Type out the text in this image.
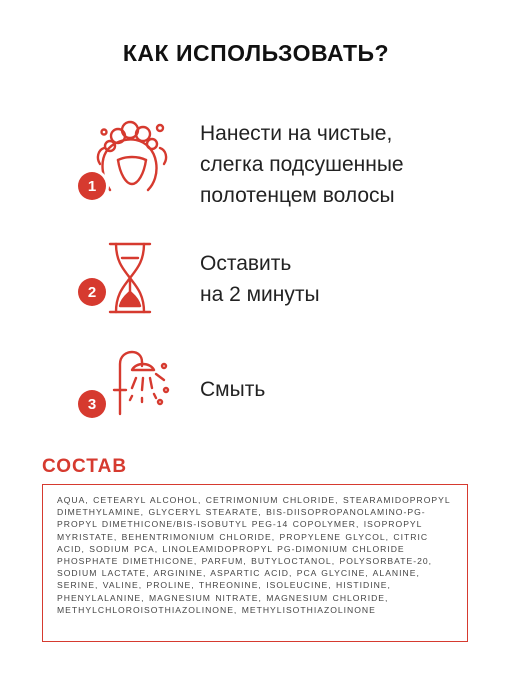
КАК ИСПОЛЬЗОВАТЬ?
1
Нанести на чистые,
слегка подсушенные
полотенцем волосы
2
Оставить
на 2 минуты
3
Смыть
СОСТАВ
AQUA, CETEARYL ALCOHOL, CETRIMONIUM CHLORIDE, STEARAMIDOPROPYL DIMETHYLAMINE, GLYCERYL STEARATE, BIS-DIISOPROPANOLAMINO-PG-PROPYL DIMETHICONE/BIS-ISOBUTYL PEG-14 COPOLYMER, ISOPROPYL MYRISTATE, BEHENTRIMONIUM CHLORIDE, PROPYLENE GLYCOL, CITRIC ACID, SODIUM PCA, LINOLEAMIDOPROPYL PG-DIMONIUM CHLORIDE PHOSPHATE DIMETHICONE, PARFUM, BUTYLOCTANOL, POLYSORBATE-20, SODIUM LACTATE, ARGININE, ASPARTIC ACID, PCA GLYCINE, ALANINE, SERINE, VALINE, PROLINE, THREONINE, ISOLEUCINE, HISTIDINE, PHENYLALANINE, MAGNESIUM NITRATE, MAGNESIUM CHLORIDE, METHYLCHLOROISOTHIAZOLINONE, METHYLISOTHIAZOLINONE
